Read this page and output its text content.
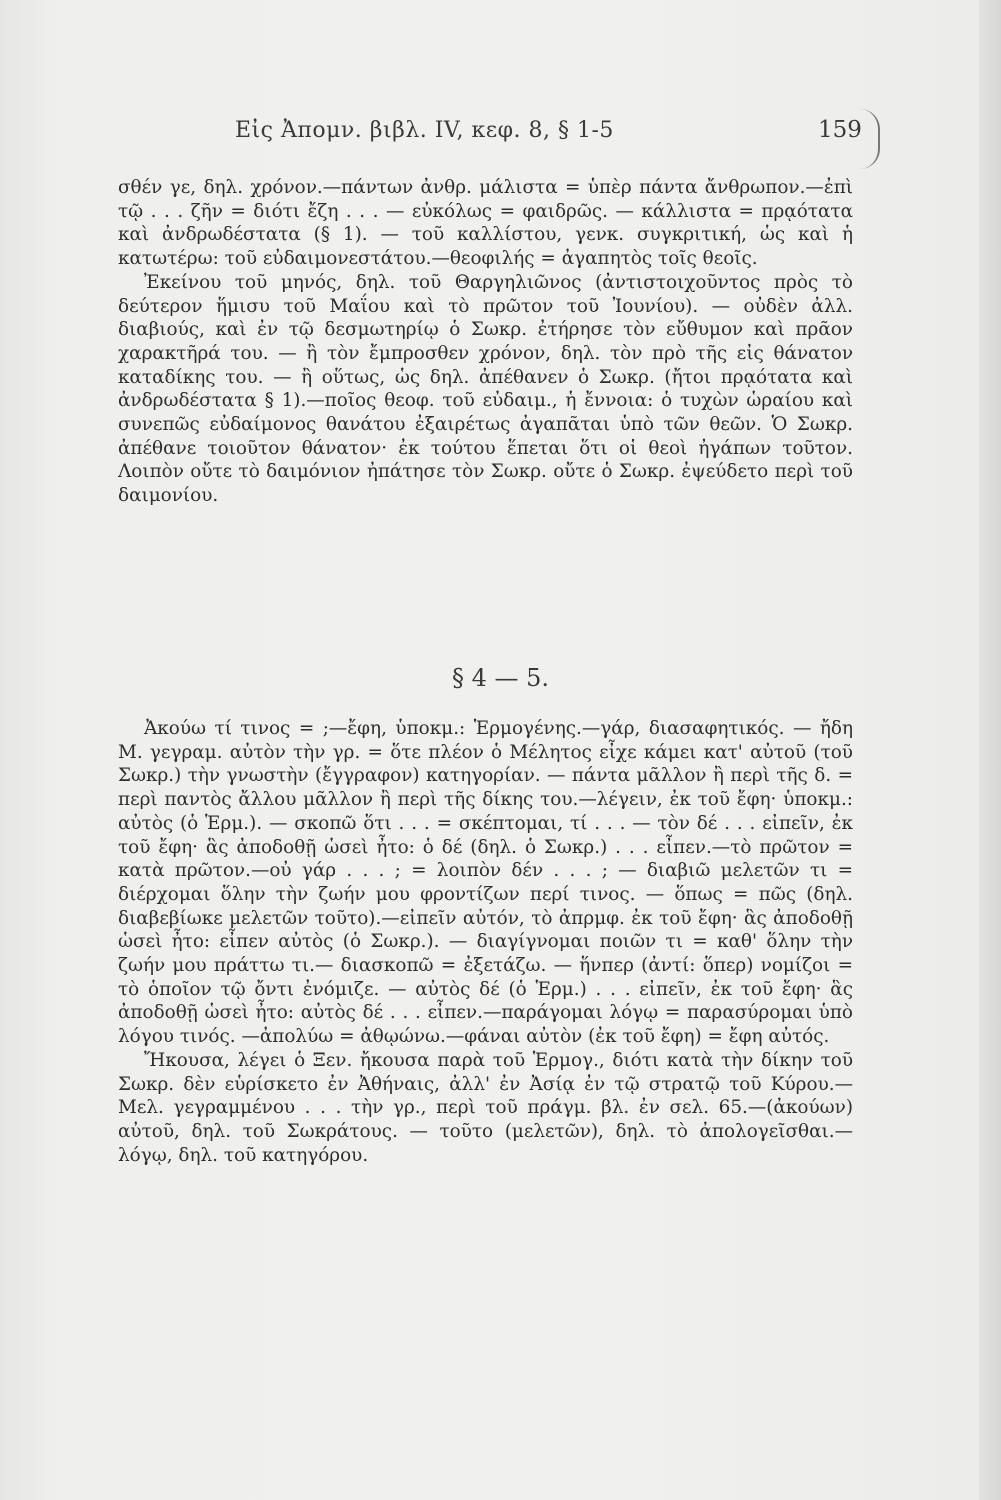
Εἰς Ἀπομν. βιβλ. IV, κεφ. 8, § 1-5	159

σθέν γε, δηλ. χρόνον.—πάντων ἀνθρ. μάλιστα = ὑπὲρ πάντα ἄνθρωπον.—ἐπὶ τῷ . . . ζῆν = διότι ἔζη . . . — εὐκόλως = φαιδρῶς. — κάλλιστα = πρᾳότατα καὶ ἀνδρωδέστατα (§ 1). — τοῦ καλλίστου, γενκ. συγκριτική, ὡς καὶ ἡ κατωτέρω: τοῦ εὐδαιμονεστάτου.—θεοφιλής = ἀγαπητὸς τοῖς θεοῖς.

Ἐκείνου τοῦ μηνός, δηλ. τοῦ Θαργηλιῶνος (ἀντιστοιχοῦντος πρὸς τὸ δεύτερον ἥμισυ τοῦ Μαΐου καὶ τὸ πρῶτον τοῦ Ἰουνίου). — οὐδὲν ἀλλ. διαβιούς, καὶ ἐν τῷ δεσμωτηρίῳ ὁ Σωκρ. ἐτήρησε τὸν εὔθυμον καὶ πρᾶον χαρακτῆρά του. — ἢ τὸν ἔμπροσθεν χρόνον, δηλ. τὸν πρὸ τῆς εἰς θάνατον καταδίκης του. — ἢ οὕτως, ὡς δηλ. ἀπέθανεν ὁ Σωκρ. (ἤτοι πρᾳότατα καὶ ἀνδρωδέστατα § 1).—ποῖος θεοφ. τοῦ εὐδαιμ., ἡ ἔννοια: ὁ τυχὼν ὡραίου καὶ συνεπῶς εὐδαίμονος θανάτου ἐξαιρέτως ἀγαπᾶται ὑπὸ τῶν θεῶν. Ὁ Σωκρ. ἀπέθανε τοιοῦτον θάνατον· ἐκ τούτου ἕπεται ὅτι οἱ θεοὶ ἠγάπων τοῦτον. Λοιπὸν οὔτε τὸ δαιμόνιον ἠπάτησε τὸν Σωκρ. οὔτε ὁ Σωκρ. ἐψεύδετο περὶ τοῦ δαιμονίου.

§ 4 — 5.

Ἀκούω τί τινος = ;—ἔφη, ὑποκμ.: Ἑρμογένης.—γάρ, διασαφητικός. — ἤδη Μ. γεγραμ. αὐτὸν τὴν γρ. = ὅτε πλέον ὁ Μέλητος εἶχε κάμει κατ' αὐτοῦ (τοῦ Σωκρ.) τὴν γνωστὴν (ἔγγραφον) κατηγορίαν. — πάντα μᾶλλον ἢ περὶ τῆς δ. = περὶ παντὸς ἄλλου μᾶλλον ἢ περὶ τῆς δίκης του.—λέγειν, ἐκ τοῦ ἔφη· ὑποκμ.: αὐτὸς (ὁ Ἑρμ.). — σκοπῶ ὅτι . . . = σκέπτομαι, τί . . . — τὸν δέ . . . εἰπεῖν, ἐκ τοῦ ἔφη· ἃς ἀποδοθῇ ὡσεὶ ἦτο: ὁ δέ (δηλ. ὁ Σωκρ.) . . . εἶπεν.—τὸ πρῶτον = κατὰ πρῶτον.—οὐ γάρ . . . ; = λοιπὸν δέν . . . ; — διαβιῶ μελετῶν τι = διέρχομαι ὅλην τὴν ζωήν μου φροντίζων περί τινος. — ὅπως = πῶς (δηλ. διαβεβίωκε μελετῶν τοῦτο).—εἰπεῖν αὐτόν, τὸ ἀπρμφ. ἐκ τοῦ ἔφη· ἃς ἀποδοθῇ ὡσεὶ ἦτο: εἶπεν αὐτὸς (ὁ Σωκρ.). — διαγίγνομαι ποιῶν τι = καθ' ὅλην τὴν ζωήν μου πράττω τι.— διασκοπῶ = ἐξετάζω. — ἥνπερ (ἀντί: ὅπερ) νομίζοι = τὸ ὁποῖον τῷ ὄντι ἐνόμιζε. — αὐτὸς δέ (ὁ Ἑρμ.) . . . εἰπεῖν, ἐκ τοῦ ἔφη· ἃς ἀποδοθῇ ὡσεὶ ἦτο: αὐτὸς δέ . . . εἶπεν.—παράγομαι λόγῳ = παρασύρομαι ὑπὸ λόγου τινός. —ἀπολύω = ἀθῳώνω.—φάναι αὐτὸν (ἐκ τοῦ ἔφη) = ἔφη αὐτός.

Ἤκουσα, λέγει ὁ Ξεν. ἤκουσα παρὰ τοῦ Ἑρμογ., διότι κατὰ τὴν δίκην τοῦ Σωκρ. δὲν εὑρίσκετο ἐν Ἀθήναις, ἀλλ' ἐν Ἀσίᾳ ἐν τῷ στρατῷ τοῦ Κύρου.—Μελ. γεγραμμένου . . . τὴν γρ., περὶ τοῦ πράγμ. βλ. ἐν σελ. 65.—(ἀκούων) αὐτοῦ, δηλ. τοῦ Σωκράτους. — τοῦτο (μελετῶν), δηλ. τὸ ἀπολογεῖσθαι.—λόγῳ, δηλ. τοῦ κατηγόρου.
